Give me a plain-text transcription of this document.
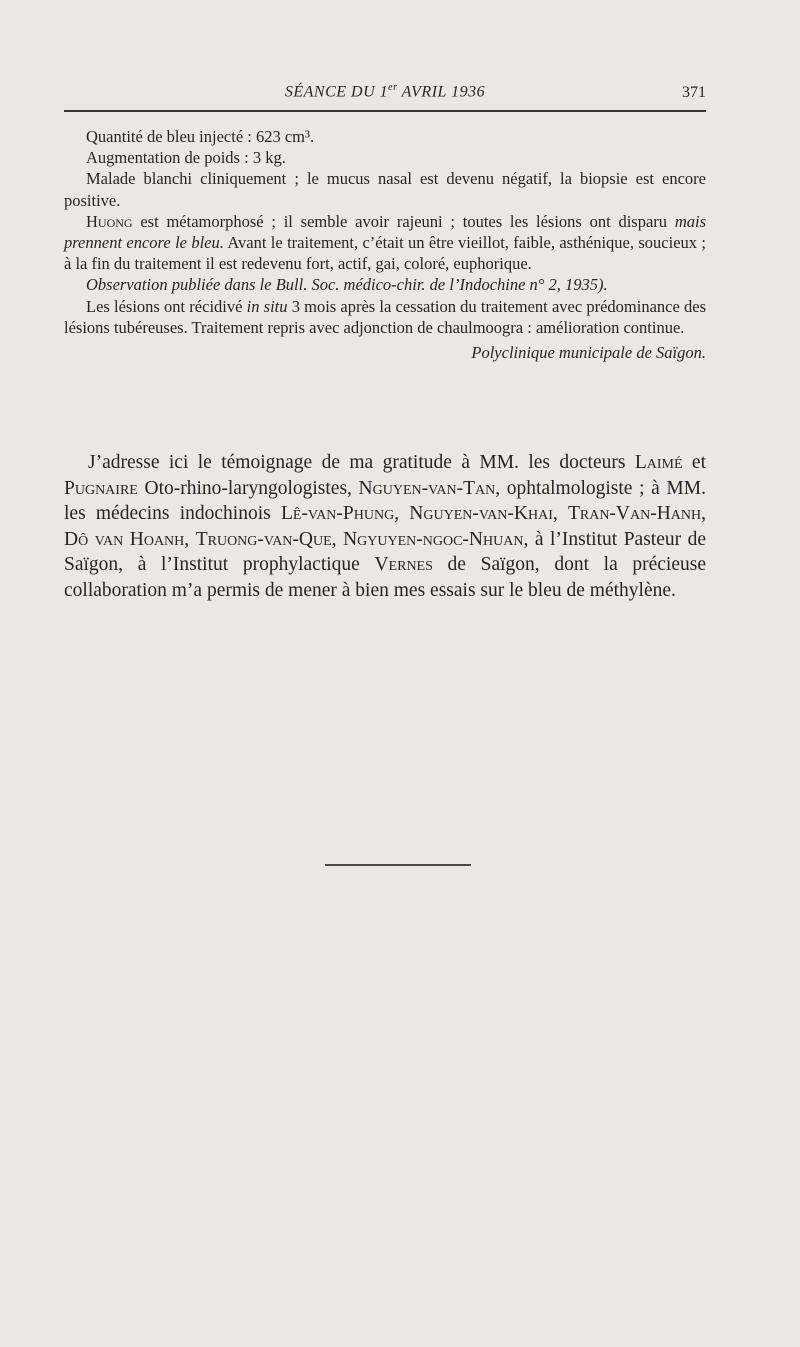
SÉANCE DU 1er AVRIL 1936	371

Quantité de bleu injecté : 623 cm³.

Augmentation de poids : 3 kg.

Malade blanchi cliniquement ; le mucus nasal est devenu négatif, la biopsie est encore positive.

Huong est métamorphosé ; il semble avoir rajeuni ; toutes les lésions ont disparu mais prennent encore le bleu. Avant le traitement, c’était un être vieillot, faible, asthénique, soucieux ; à la fin du traitement il est redevenu fort, actif, gai, coloré, euphorique.

Observation publiée dans le Bull. Soc. médico-chir. de l’Indochine n° 2, 1935).

Les lésions ont récidivé in situ 3 mois après la cessation du traitement avec prédominance des lésions tubéreuses. Traitement repris avec adjonction de chaulmoogra : amélioration continue.

Polyclinique municipale de Saïgon.

J’adresse ici le témoignage de ma gratitude à MM. les docteurs Laimé et Pugnaire Oto-rhino-laryngologistes, Nguyen-van-Tan, ophtalmologiste ; à MM. les médecins indochinois Lê-van-Phung, Nguyen-van-Khai, Tran-Van-Hanh, Dô van Hoanh, Truong-van-Que, Ngyuyen-ngoc-Nhuan, à l’Institut Pasteur de Saïgon, à l’Institut prophylactique Vernes de Saïgon, dont la précieuse collaboration m’a permis de mener à bien mes essais sur le bleu de méthylène.
